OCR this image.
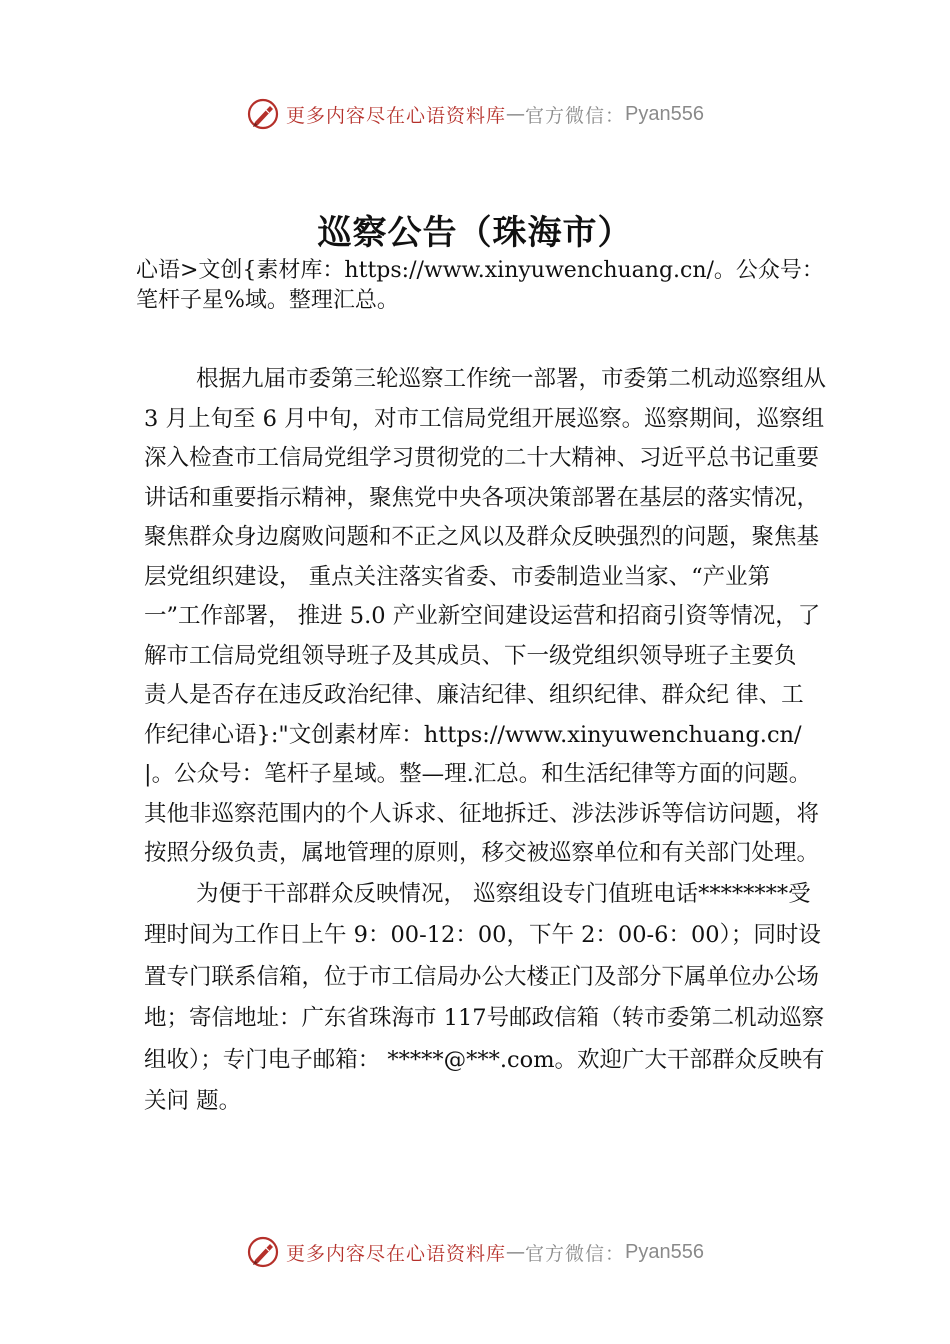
更多内容尽在心语资料库 — 官方微信： Pyan556
巡察公告（珠海市）

心语>文创{素材库：https://www.xinyuwenchuang.cn/。公众号：笔杆子星%域。整理汇总。

根据九届市委第三轮巡察工作统一部署，市委第二机动巡察组从 3 月上旬至 6 月中旬，对市工信局党组开展巡察。巡察期间，巡察组深入检查市工信局党组学习贯彻党的二十大精神、习近平总书记重要讲话和重要指示精神，聚焦党中央各项决策部署在基层的落实情况，聚焦群众身边腐败问题和不正之风以及群众反映强烈的问题，聚焦基层党组织建设， 重点关注落实省委、市委制造业当家、“产业第一”工作部署， 推进 5.0 产业新空间建设运营和招商引资等情况，了解市工信局党组领导班子及其成员、下一级党组织领导班子主要负 责人是否存在违反政治纪律、廉洁纪律、组织纪律、群众纪 律、工作纪律心语}:"文创素材库：https://www.xinyuwenchuang.cn/|。公众号：笔杆子星域。整—理.汇总。和生活纪律等方面的问题。其他非巡察范围内的个人诉求、征地拆迁、涉法涉诉等信访问题，将按照分级负责，属地管理的原则，移交被巡察单位和有关部门处理。

为便于干部群众反映情况， 巡察组设专门值班电话********受理时间为工作日上午 9：00-12：00，下午 2：00-6：00）；同时设置专门联系信箱，位于市工信局办公大楼正门及部分下属单位办公场地；寄信地址：广东省珠海市 117号邮政信箱（转市委第二机动巡察组收）；专门电子邮箱： *****@***.com。欢迎广大干部群众反映有关问 题。

更多内容尽在心语资料库 — 官方微信： Pyan556
